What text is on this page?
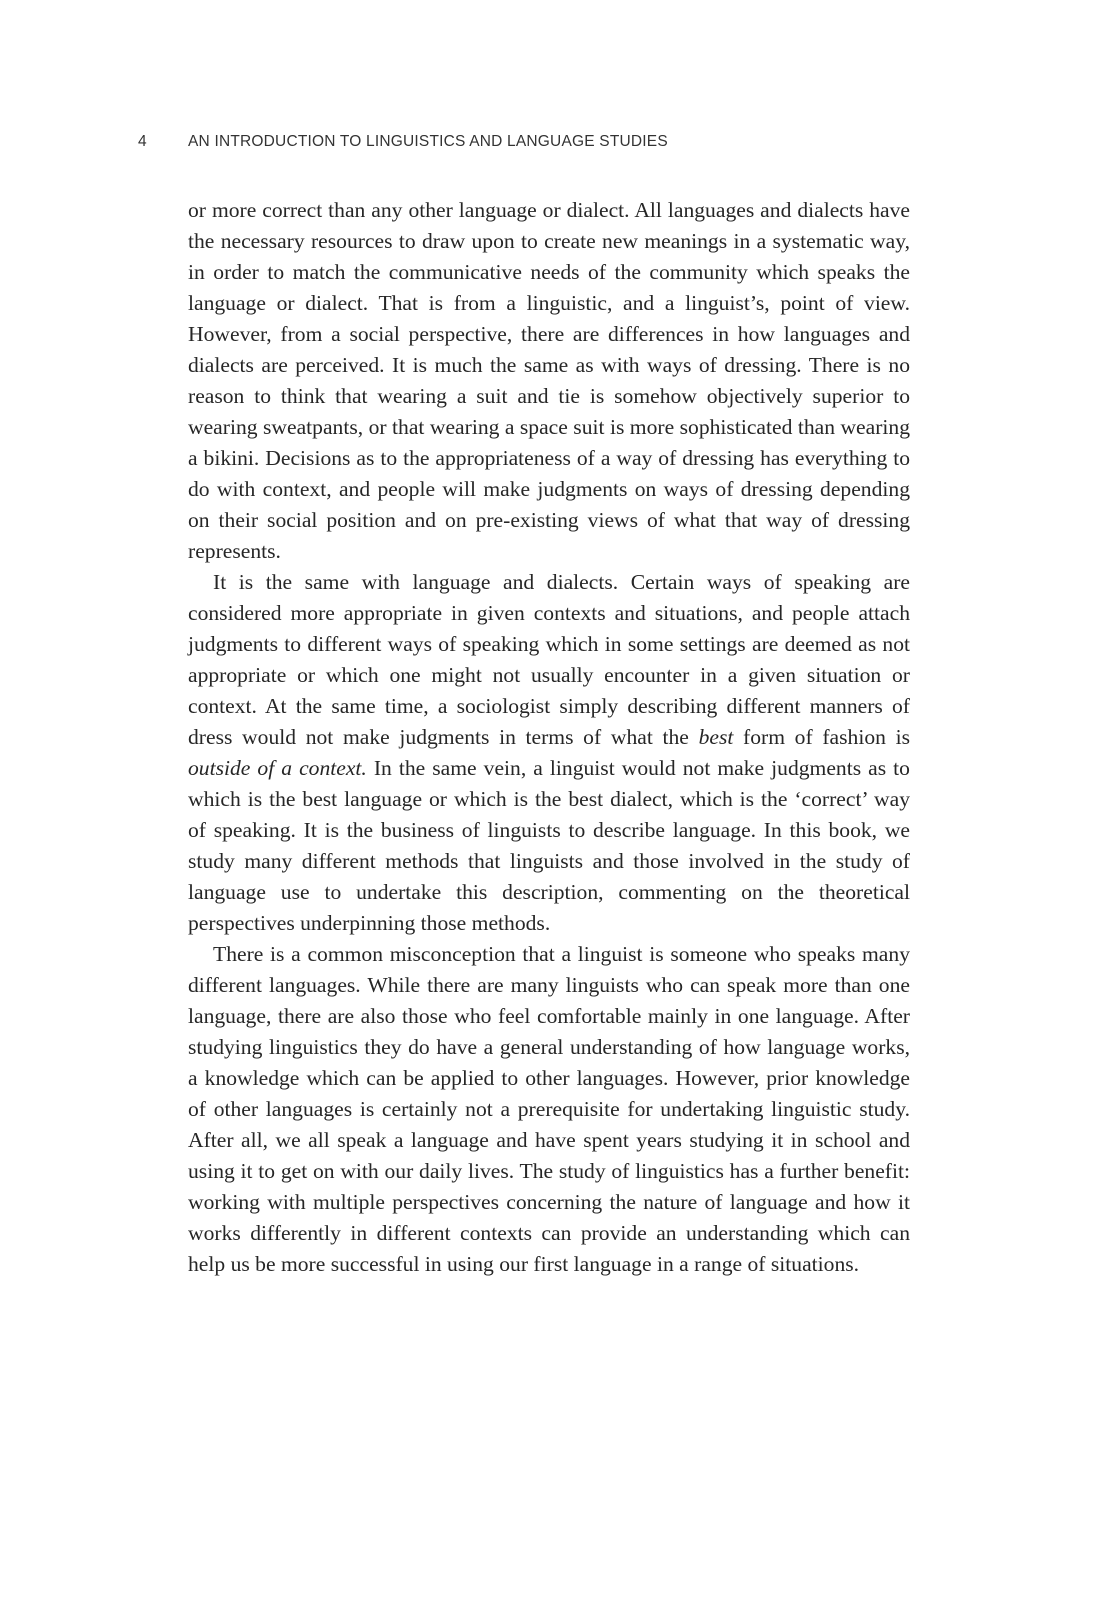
4	AN INTRODUCTION TO LINGUISTICS AND LANGUAGE STUDIES

or more correct than any other language or dialect. All languages and dialects have the necessary resources to draw upon to create new meanings in a systematic way, in order to match the communicative needs of the community which speaks the language or dialect. That is from a linguistic, and a linguist’s, point of view. However, from a social perspective, there are differences in how languages and dialects are perceived. It is much the same as with ways of dressing. There is no reason to think that wearing a suit and tie is somehow objectively superior to wearing sweatpants, or that wearing a space suit is more sophisticated than wearing a bikini. Decisions as to the appropriateness of a way of dressing has everything to do with context, and people will make judgments on ways of dressing depending on their social position and on pre-existing views of what that way of dressing represents.

It is the same with language and dialects. Certain ways of speaking are considered more appropriate in given contexts and situations, and people attach judgments to different ways of speaking which in some settings are deemed as not appropriate or which one might not usually encounter in a given situation or context. At the same time, a sociologist simply describing different manners of dress would not make judgments in terms of what the best form of fashion is outside of a context. In the same vein, a linguist would not make judgments as to which is the best language or which is the best dialect, which is the ‘correct’ way of speaking. It is the business of linguists to describe language. In this book, we study many different methods that linguists and those involved in the study of language use to undertake this description, commenting on the theoretical perspectives underpinning those methods.

There is a common misconception that a linguist is someone who speaks many different languages. While there are many linguists who can speak more than one language, there are also those who feel comfortable mainly in one language. After studying linguistics they do have a general understanding of how language works, a knowledge which can be applied to other languages. However, prior knowledge of other languages is certainly not a prerequisite for undertaking linguistic study. After all, we all speak a language and have spent years studying it in school and using it to get on with our daily lives. The study of linguistics has a further benefit: working with multiple perspectives concerning the nature of language and how it works differently in different contexts can provide an understanding which can help us be more successful in using our first language in a range of situations.
